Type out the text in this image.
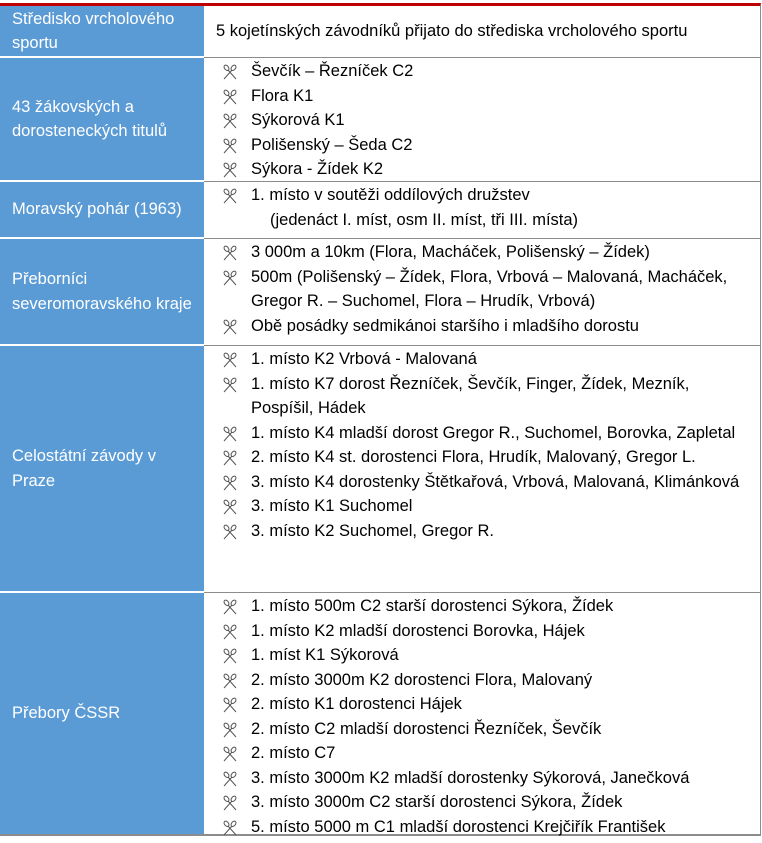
Středisko vrcholového sportu
5 kojetínských závodníků přijato do střediska vrcholového sportu
43 žákovských a dorosteneckých titulů
Ševčík – Řezníček C2
Flora K1
Sýkorová K1
Polišenský – Šeda C2
Sýkora - Žídek K2
Moravský pohár (1963)
1. místo v soutěži oddílových družstev
(jedenáct I. míst, osm II. míst, tři III. místa)
Přeborníci severomoravského kraje
3 000m a 10km (Flora, Macháček, Polišenský – Žídek)
500m (Polišenský – Žídek, Flora, Vrbová – Malovaná, Macháček, Gregor R. – Suchomel, Flora – Hrudík, Vrbová)
Obě posádky sedmikánoi staršího i mladšího dorostu
Celostátní závody v Praze
1. místo K2 Vrbová - Malovaná
1. místo K7 dorost Řezníček, Ševčík, Finger, Žídek, Mezník, Pospíšil, Hádek
1. místo K4 mladší dorost Gregor R., Suchomel, Borovka, Zapletal
2. místo K4 st. dorostenci Flora, Hrudík, Malovaný, Gregor L.
3. místo K4 dorostenky Štětkařová, Vrbová, Malovaná, Klimánková
3. místo K1 Suchomel
3. místo K2 Suchomel, Gregor R.
Přebory ČSSR
1. místo 500m C2 starší dorostenci Sýkora, Žídek
1. místo K2 mladší dorostenci Borovka, Hájek
1. míst K1 Sýkorová
2. místo 3000m K2 dorostenci Flora, Malovaný
2. místo K1 dorostenci Hájek
2. místo C2 mladší dorostenci Řezníček, Ševčík
2. místo C7
3. místo 3000m K2 mladší dorostenky Sýkorová, Janečková
3. místo 3000m C2 starší dorostenci Sýkora, Žídek
5. místo 5000 m C1 mladší dorostenci Krejčiřík František
